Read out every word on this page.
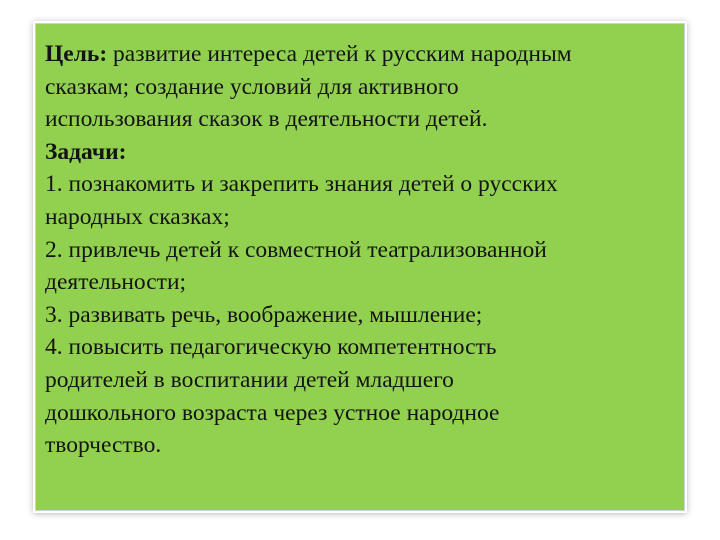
Цель: развитие интереса детей к русским народным
сказкам; создание условий для активного
использования сказок в деятельности детей.
Задачи:
1. познакомить и закрепить знания детей о русских
народных сказках;
2. привлечь детей к совместной театрализованной
деятельности;
3. развивать речь, воображение, мышление;
4. повысить педагогическую компетентность
родителей в воспитании детей младшего
дошкольного возраста через устное народное
творчество.
